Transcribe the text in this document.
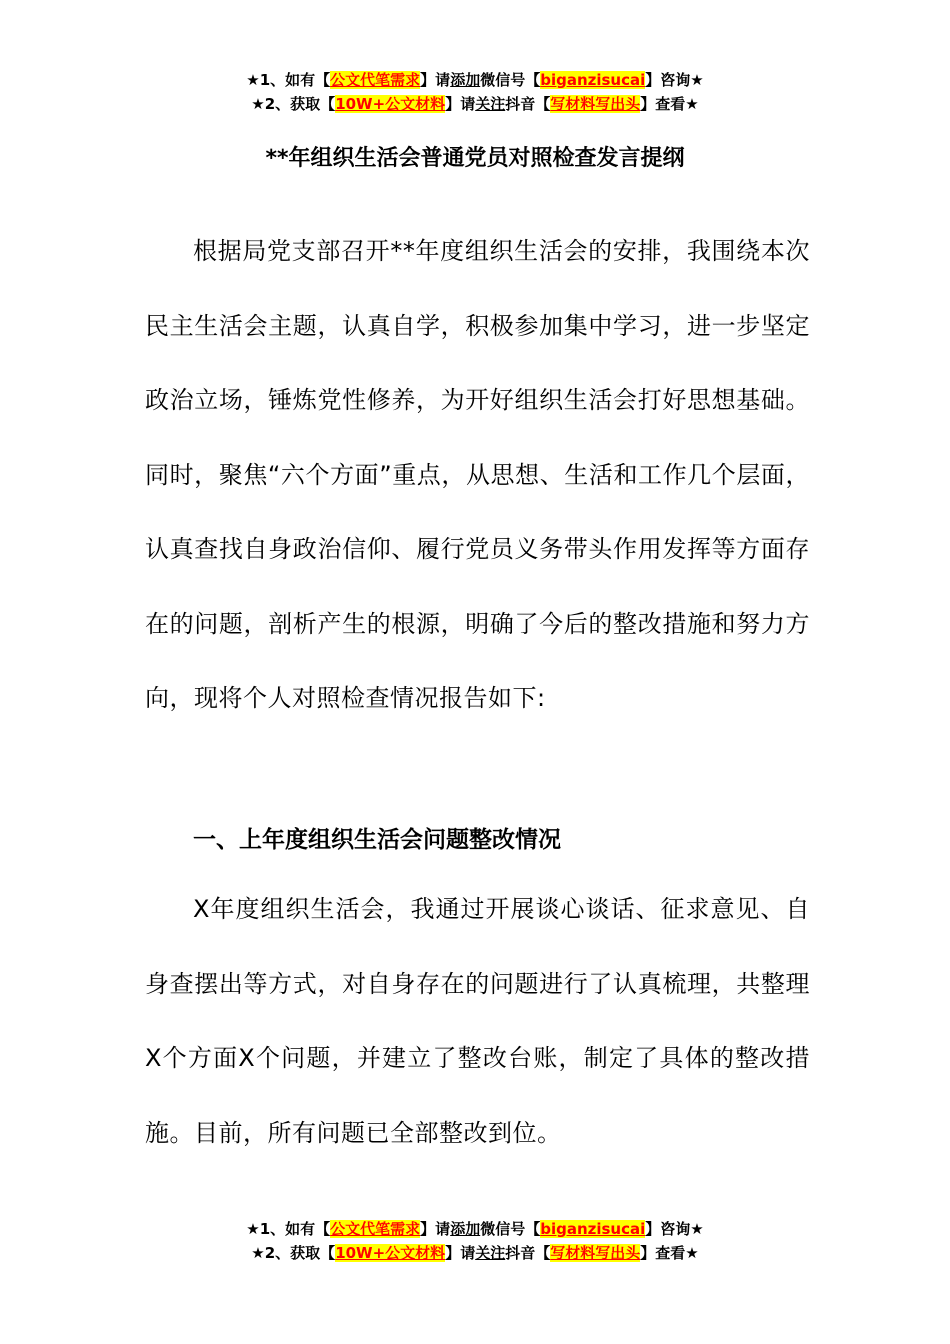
★1、如有【公文代笔需求】请添加微信号【biganzisucai】咨询★
★2、获取【10W+公文材料】请关注抖音【写材料写出头】查看★
**年组织生活会普通党员对照检查发言提纲

根据局党支部召开**年度组织生活会的安排，我围绕本次民主生活会主题，认真自学，积极参加集中学习，进一步坚定政治立场，锤炼党性修养，为开好组织生活会打好思想基础。同时，聚焦“六个方面”重点，从思想、生活和工作几个层面，认真查找自身政治信仰、履行党员义务带头作用发挥等方面存在的问题，剖析产生的根源，明确了今后的整改措施和努力方向，现将个人对照检查情况报告如下:

一、上年度组织生活会问题整改情况

X年度组织生活会，我通过开展谈心谈话、征求意见、自身查摆出等方式，对自身存在的问题进行了认真梳理，共整理X个方面X个问题，并建立了整改台账，制定了具体的整改措施。目前，所有问题已全部整改到位。

★1、如有【公文代笔需求】请添加微信号【biganzisucai】咨询★
★2、获取【10W+公文材料】请关注抖音【写材料写出头】查看★
